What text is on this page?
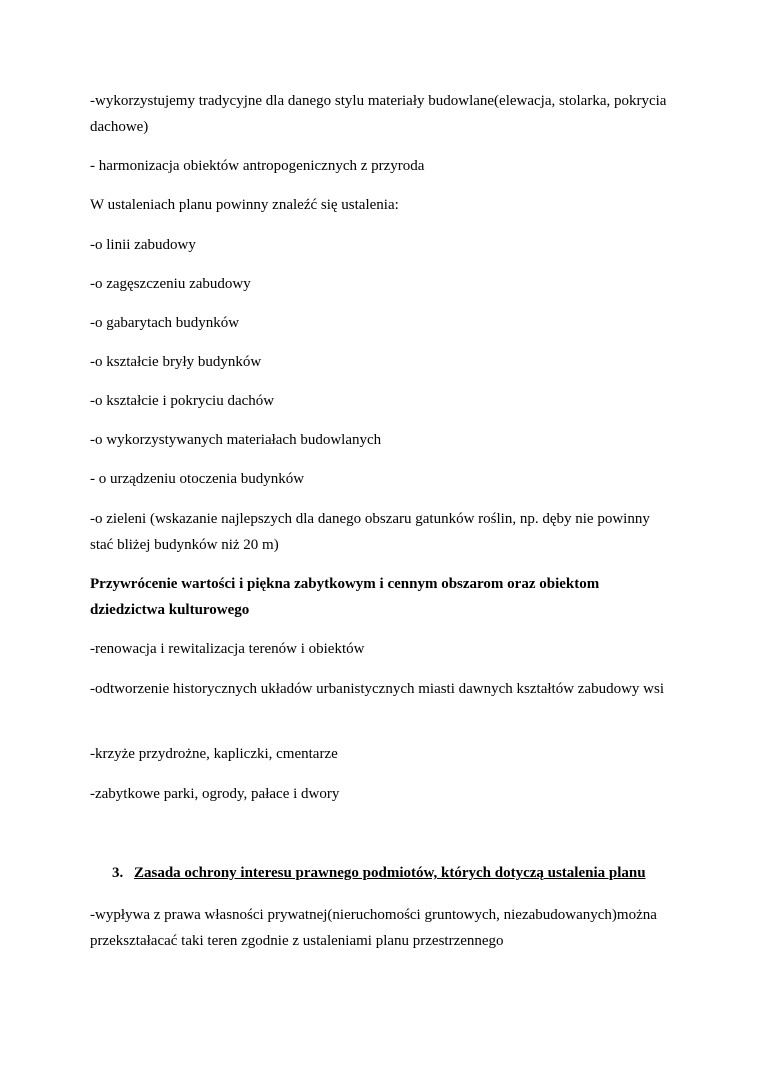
-wykorzystujemy tradycyjne dla danego stylu materiały budowlane(elewacja, stolarka, pokrycia dachowe)

- harmonizacja obiektów antropogenicznych z przyroda

W ustaleniach planu powinny znaleźć się ustalenia:

-o linii zabudowy

-o zagęszczeniu zabudowy

-o gabarytach budynków

-o kształcie bryły budynków

-o kształcie i pokryciu dachów

-o wykorzystywanych materiałach budowlanych

- o urządzeniu otoczenia budynków

-o zieleni (wskazanie najlepszych dla danego obszaru gatunków roślin, np. dęby nie powinny stać bliżej budynków niż 20 m)

Przywrócenie wartości i piękna zabytkowym i cennym obszarom oraz obiektom dziedzictwa kulturowego

-renowacja i rewitalizacja terenów i obiektów

-odtworzenie historycznych układów urbanistycznych miasti dawnych kształtów zabudowy wsi

-krzyże przydrożne, kapliczki, cmentarze

-zabytkowe parki, ogrody, pałace i dwory

3. Zasada ochrony interesu prawnego podmiotów, których dotyczą ustalenia planu

-wypływa z prawa własności prywatnej(nieruchomości gruntowych, niezabudowanych)można przekształacać taki teren zgodnie z ustaleniami planu przestrzennego
